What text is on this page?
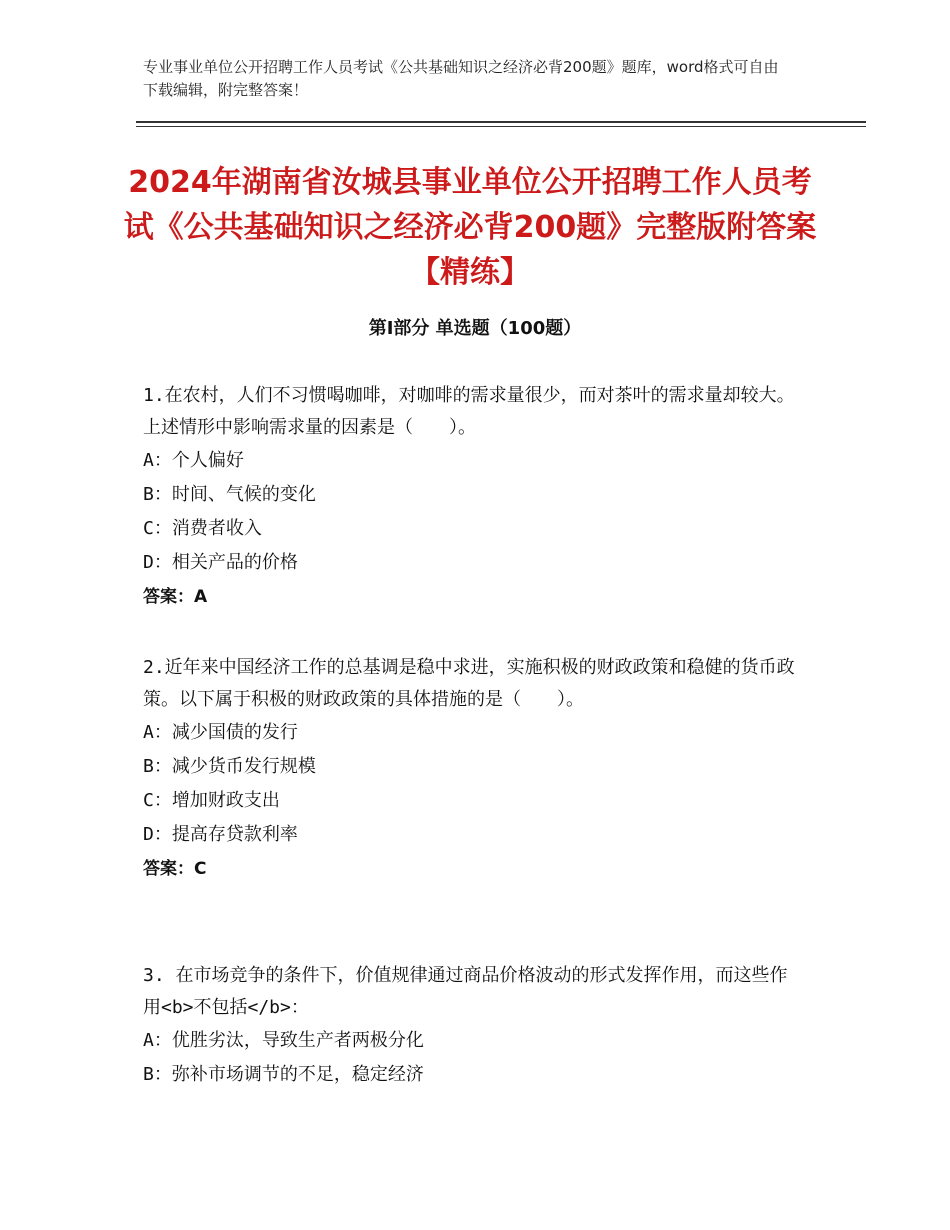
专业事业单位公开招聘工作人员考试《公共基础知识之经济必背200题》题库，word格式可自由下载编辑，附完整答案！
2024年湖南省汝城县事业单位公开招聘工作人员考试《公共基础知识之经济必背200题》完整版附答案【精练】
第Ⅰ部分 单选题（100题）
1.在农村，人们不习惯喝咖啡，对咖啡的需求量很少，而对茶叶的需求量却较大。上述情形中影响需求量的因素是（　　）。
A：个人偏好
B：时间、气候的变化
C：消费者收入
D：相关产品的价格
答案：A
2.近年来中国经济工作的总基调是稳中求进，实施积极的财政政策和稳健的货币政策。以下属于积极的财政政策的具体措施的是（　　）。
A：减少国债的发行
B：减少货币发行规模
C：增加财政支出
D：提高存贷款利率
答案：C
3. 在市场竞争的条件下，价值规律通过商品价格波动的形式发挥作用，而这些作用<b>不包括</b>：
A：优胜劣汰，导致生产者两极分化
B：弥补市场调节的不足，稳定经济
